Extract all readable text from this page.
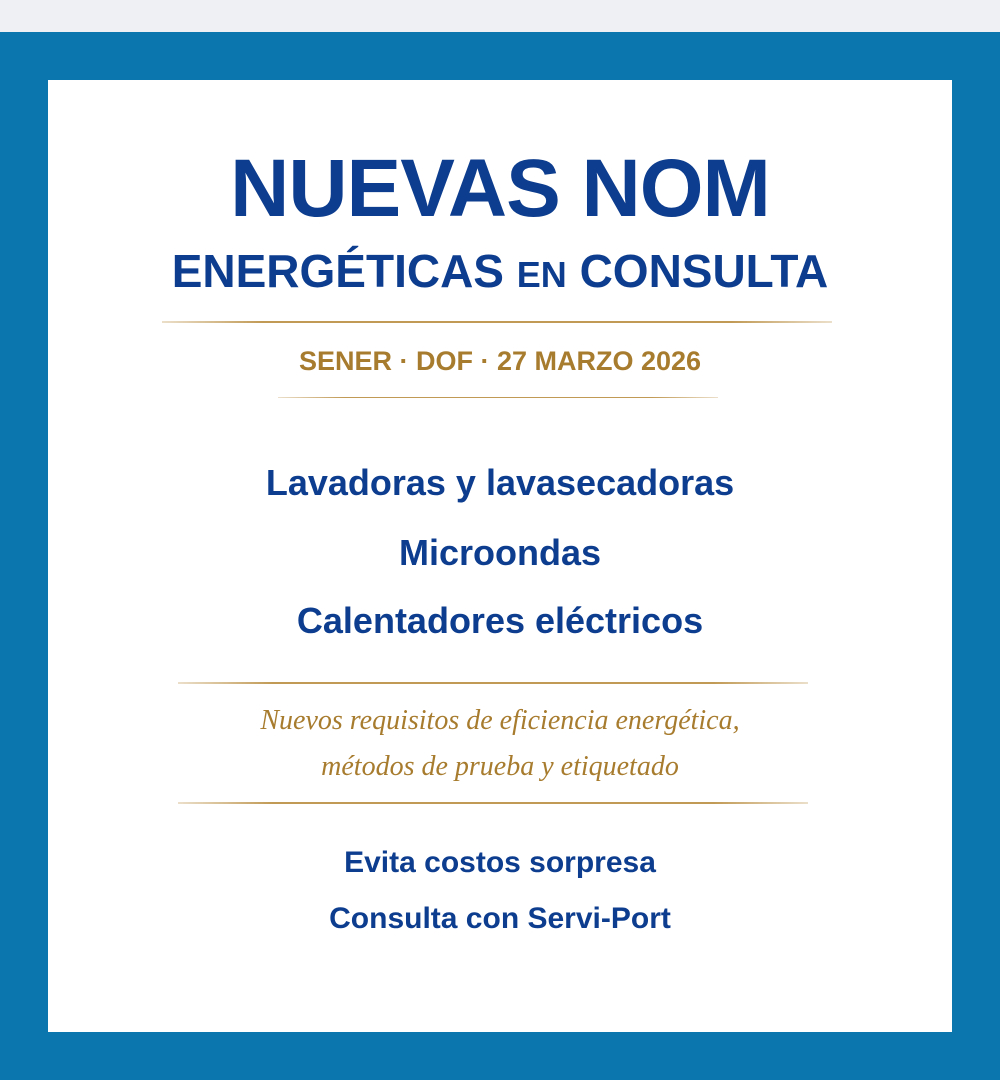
NUEVAS NOM
ENERGÉTICAS EN CONSULTA
SENER · DOF · 27 MARZO 2026
Lavadoras y lavasecadoras
Microondas
Calentadores eléctricos
Nuevos requisitos de eficiencia energética,
métodos de prueba y etiquetado
Evita costos sorpresa
Consulta con Servi-Port
